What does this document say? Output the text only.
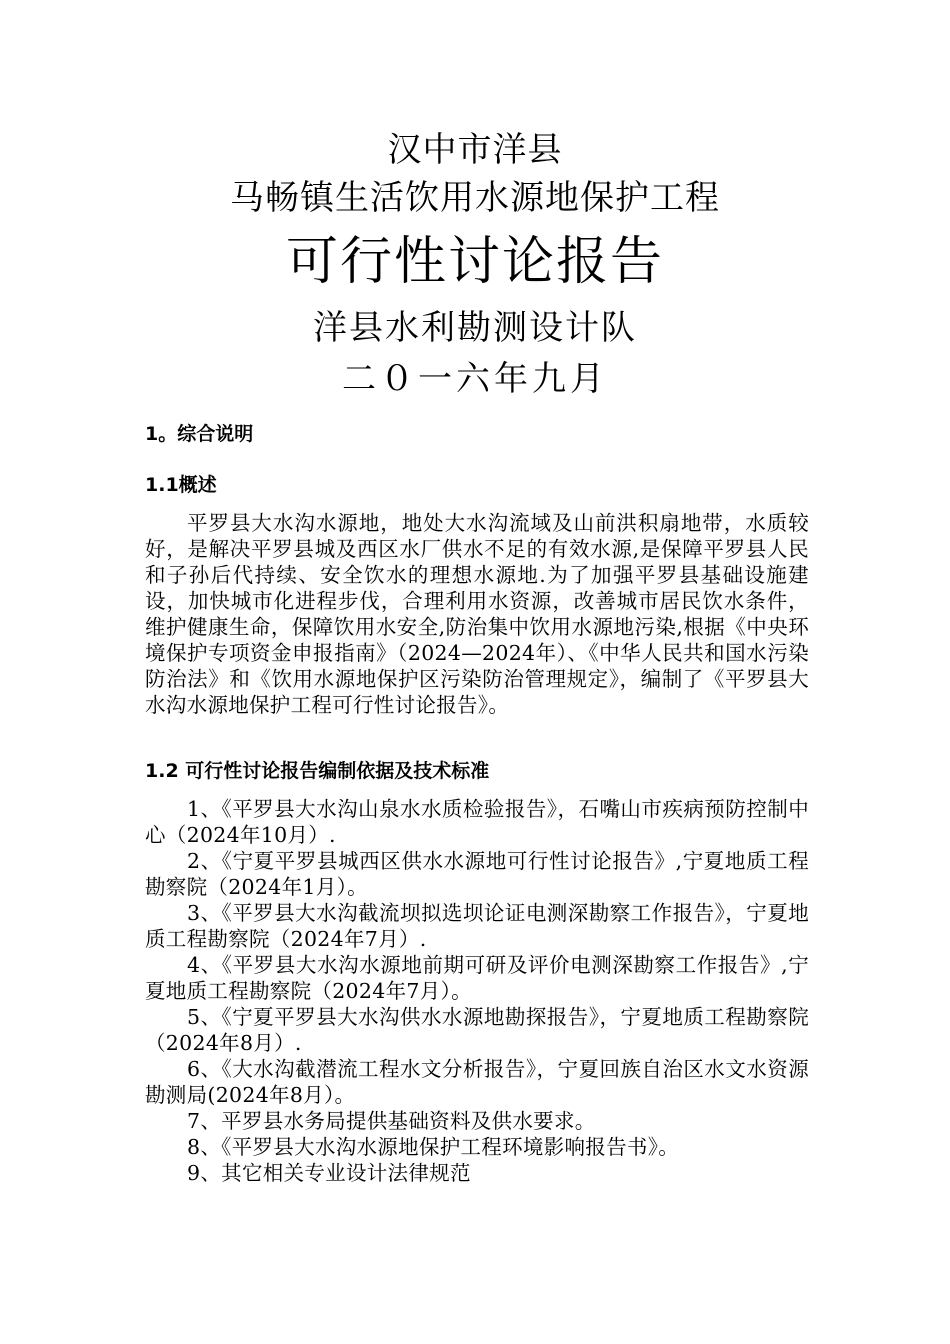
汉中市洋县
马畅镇生活饮用水源地保护工程
可行性讨论报告
洋县水利勘测设计队
二０一六年九月
1。综合说明
1.1概述
平罗县大水沟水源地，地处大水沟流域及山前洪积扇地带，水质较好，是解决平罗县城及西区水厂供水不足的有效水源,是保障平罗县人民和子孙后代持续、安全饮水的理想水源地.为了加强平罗县基础设施建设，加快城市化进程步伐，合理利用水资源，改善城市居民饮水条件，维护健康生命，保障饮用水安全,防治集中饮用水源地污染,根据《中央环境保护专项资金申报指南》（2024—2024年）、《中华人民共和国水污染防治法》和《饮用水源地保护区污染防治管理规定》，编制了《平罗县大水沟水源地保护工程可行性讨论报告》。
1.2 可行性讨论报告编制依据及技术标准
1、《平罗县大水沟山泉水水质检验报告》，石嘴山市疾病预防控制中心（2024年10月）.
2、《宁夏平罗县城西区供水水源地可行性讨论报告》,宁夏地质工程勘察院（2024年1月）。
3、《平罗县大水沟截流坝拟选坝论证电测深勘察工作报告》，宁夏地质工程勘察院（2024年7月）.
4、《平罗县大水沟水源地前期可研及评价电测深勘察工作报告》,宁夏地质工程勘察院（2024年7月）。
5、《宁夏平罗县大水沟供水水源地勘探报告》，宁夏地质工程勘察院（2024年8月）.
6、《大水沟截潜流工程水文分析报告》，宁夏回族自治区水文水资源勘测局(2024年8月）。
7、平罗县水务局提供基础资料及供水要求。
8、《平罗县大水沟水源地保护工程环境影响报告书》。
9、其它相关专业设计法律规范
